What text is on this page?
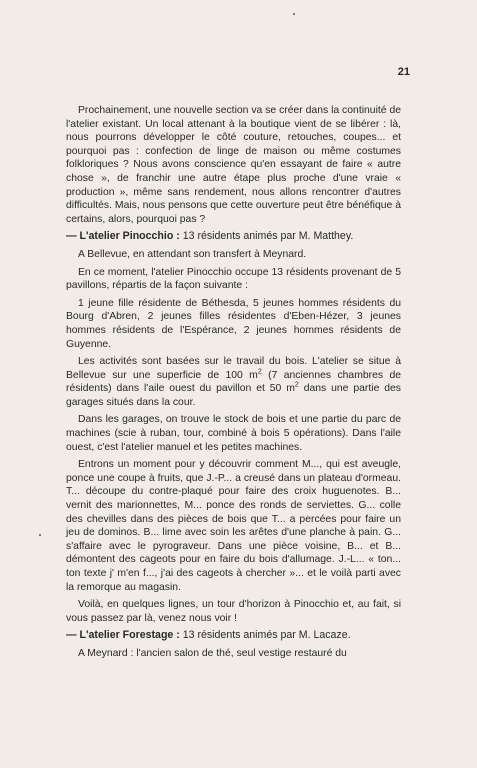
21

Prochainement, une nouvelle section va se créer dans la continuité de l'atelier existant. Un local attenant à la boutique vient de se libérer : là, nous pourrons développer le côté couture, retouches, coupes... et pourquoi pas : confection de linge de maison ou même costumes folkloriques ? Nous avons conscience qu'en essayant de faire « autre chose », de franchir une autre étape plus proche d'une vraie « production », même sans rendement, nous allons rencontrer d'autres difficultés. Mais, nous pensons que cette ouverture peut être bénéfique à certains, alors, pourquoi pas ?

— L'atelier Pinocchio : 13 résidents animés par M. Matthey.

A Bellevue, en attendant son transfert à Meynard.

En ce moment, l'atelier Pinocchio occupe 13 résidents provenant de 5 pavillons, répartis de la façon suivante :

1 jeune fille résidente de Béthesda, 5 jeunes hommes résidents du Bourg d'Abren, 2 jeunes filles résidentes d'Eben-Hézer, 3 jeunes hommes résidents de l'Espérance, 2 jeunes hommes résidents de Guyenne.

Les activités sont basées sur le travail du bois. L'atelier se situe à Bellevue sur une superficie de 100 $m^2$ (7 anciennes chambres de résidents) dans l'aile ouest du pavillon et 50 $m^2$ dans une partie des garages situés dans la cour.

Dans les garages, on trouve le stock de bois et une partie du parc de machines (scie à ruban, tour, combiné à bois 5 opérations). Dans l'aile ouest, c'est l'atelier manuel et les petites machines.

Entrons un moment pour y découvrir comment M..., qui est aveugle, ponce une coupe à fruits, que J.-P... a creusé dans un plateau d'ormeau. T... découpe du contre-plaqué pour faire des croix huguenotes. B... vernit des marionnettes, M... ponce des ronds de serviettes. G... colle des chevilles dans des pièces de bois que T... a percées pour faire un jeu de dominos. B... lime avec soin les arêtes d'une planche à pain. G... s'affaire avec le pyrograveur. Dans une pièce voisine, B... et B... démontent des cageots pour en faire du bois d'allumage. J.-L... « ton... ton texte j' m'en f..., j'ai des cageots à chercher »... et le voilà parti avec la remorque au magasin.

Voilà, en quelques lignes, un tour d'horizon à Pinocchio et, au fait, si vous passez par là, venez nous voir !

— L'atelier Forestage : 13 résidents animés par M. Lacaze.

A Meynard : l'ancien salon de thé, seul vestige restauré du
